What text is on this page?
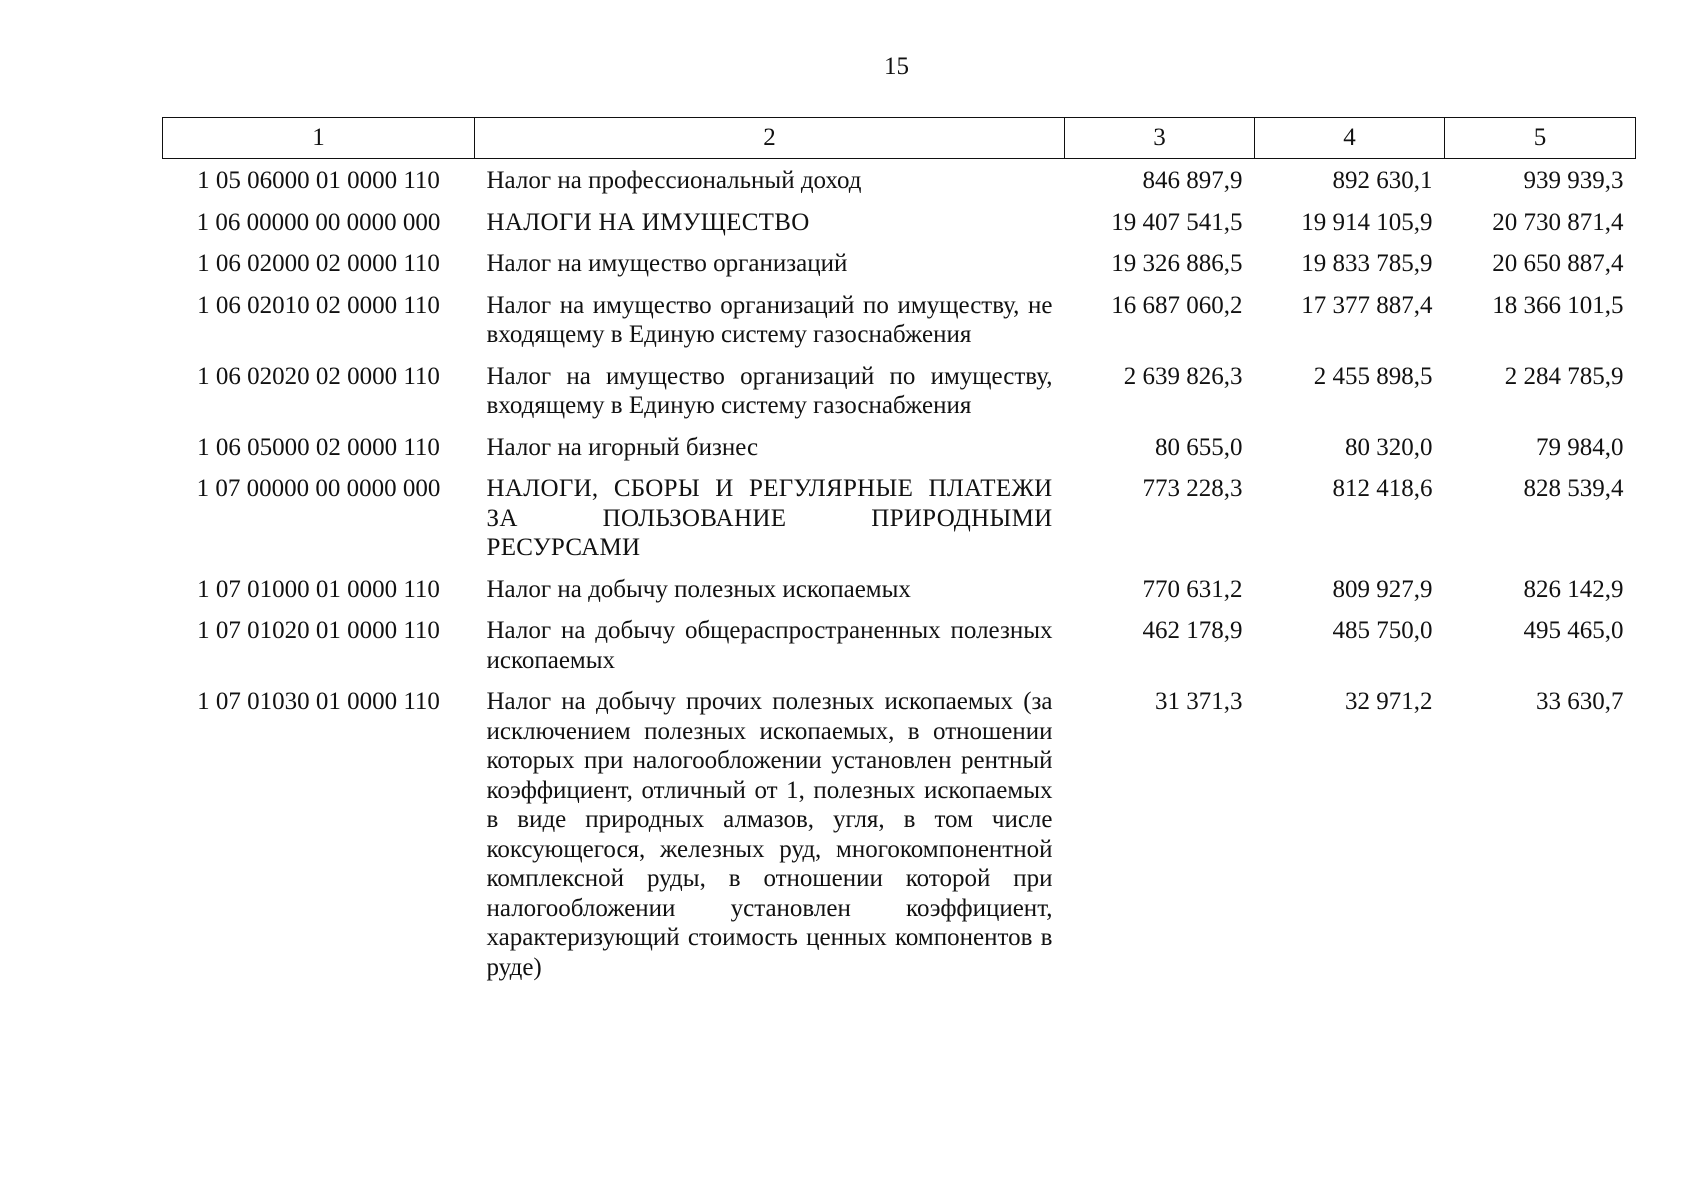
15
1	2	3	4	5
1 05 06000 01 0000 110	Налог на профессиональный доход	846 897,9	892 630,1	939 939,3
1 06 00000 00 0000 000	НАЛОГИ НА ИМУЩЕСТВО	19 407 541,5	19 914 105,9	20 730 871,4
1 06 02000 02 0000 110	Налог на имущество организаций	19 326 886,5	19 833 785,9	20 650 887,4
1 06 02010 02 0000 110	Налог на имущество организаций по имуществу, не входящему в Единую систему газоснабжения	16 687 060,2	17 377 887,4	18 366 101,5
1 06 02020 02 0000 110	Налог на имущество организаций по имуществу, входящему в Единую систему газоснабжения	2 639 826,3	2 455 898,5	2 284 785,9
1 06 05000 02 0000 110	Налог на игорный бизнес	80 655,0	80 320,0	79 984,0
1 07 00000 00 0000 000	НАЛОГИ, СБОРЫ И РЕГУЛЯРНЫЕ ПЛАТЕЖИ ЗА ПОЛЬЗОВАНИЕ ПРИРОДНЫМИ РЕСУРСАМИ	773 228,3	812 418,6	828 539,4
1 07 01000 01 0000 110	Налог на добычу полезных ископаемых	770 631,2	809 927,9	826 142,9
1 07 01020 01 0000 110	Налог на добычу общераспространенных полезных ископаемых	462 178,9	485 750,0	495 465,0
1 07 01030 01 0000 110	Налог на добычу прочих полезных ископаемых (за исключением полезных ископаемых, в отношении которых при налогообложении установлен рентный коэффициент, отличный от 1, полезных ископаемых в виде природных алмазов, угля, в том числе коксующегося, железных руд, многокомпонентной комплексной руды, в отношении которой при налогообложении установлен коэффициент, характеризующий стоимость ценных компонентов в руде)	31 371,3	32 971,2	33 630,7
